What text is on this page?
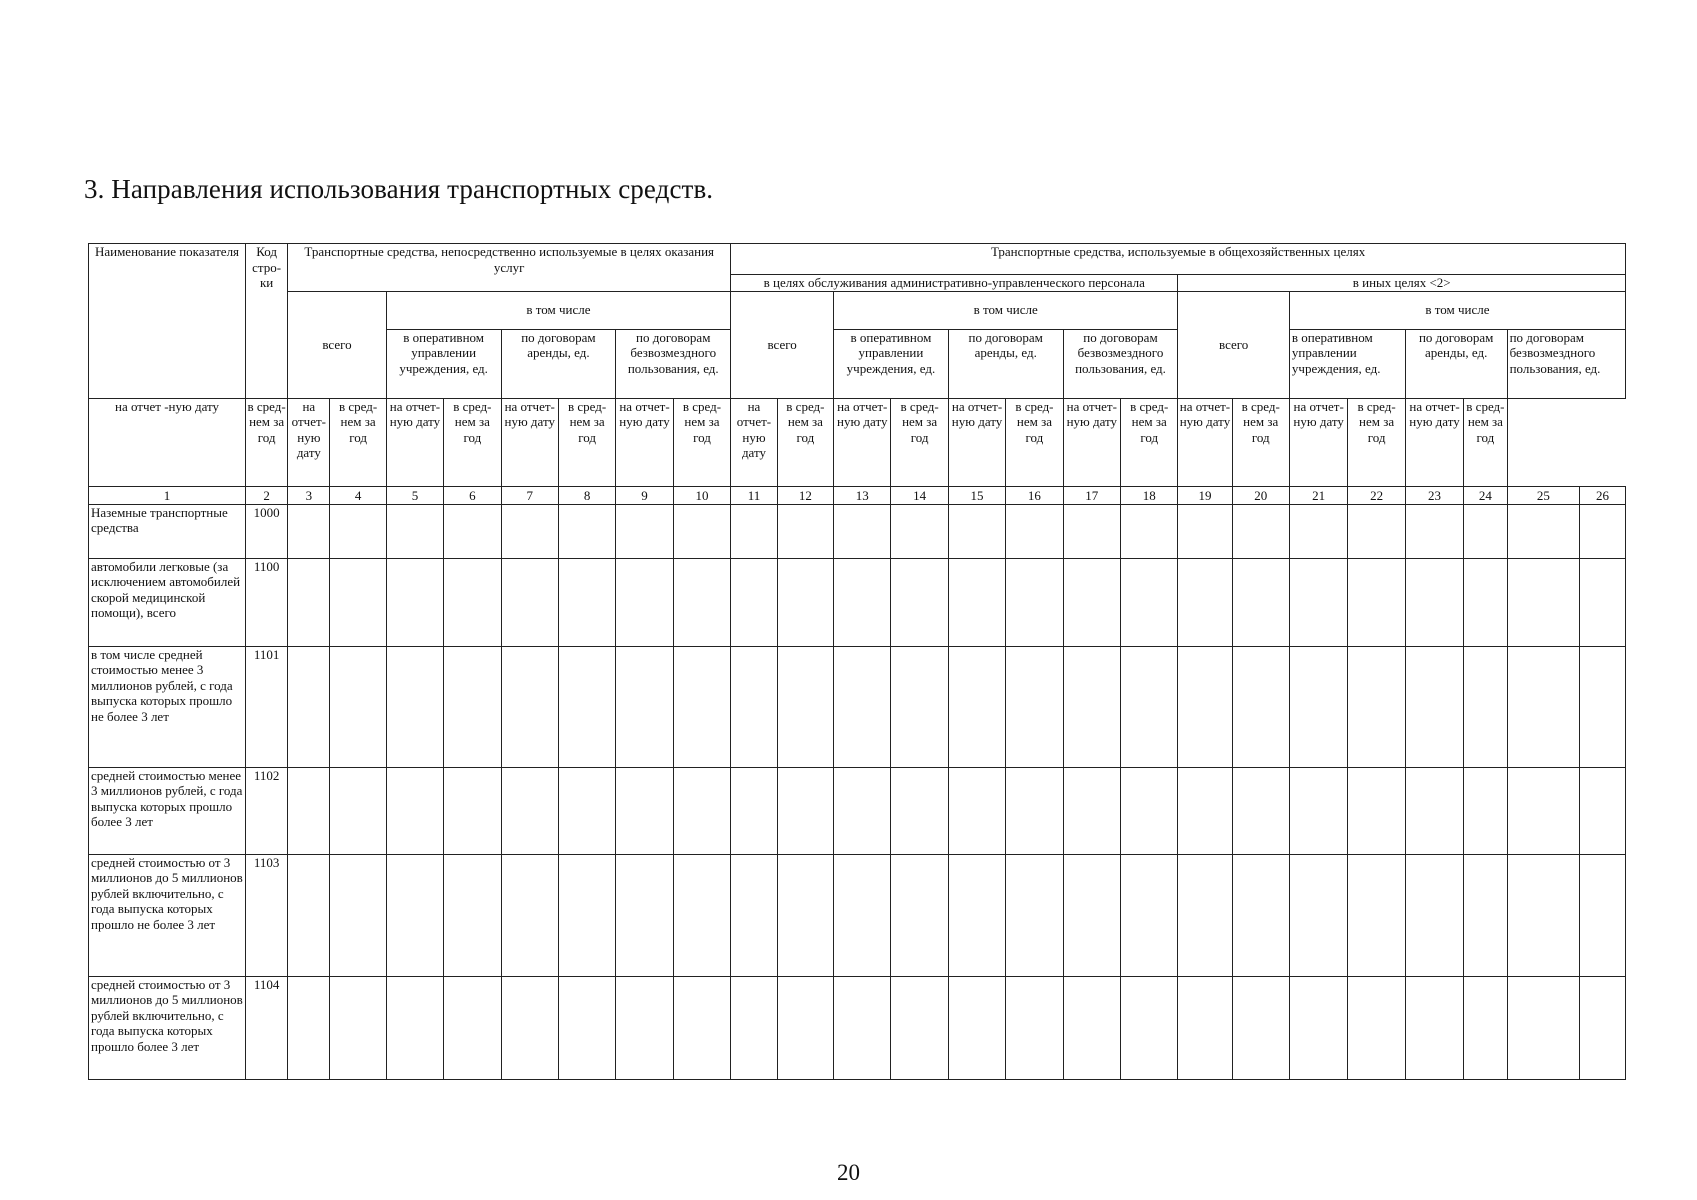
3. Направления использования транспортных средств.
Наименование показателя	Код стро-ки	Транспортные средства, непосредственно используемые в целях оказания услуг								Транспортные средства, используемые в общехозяйственных целях															
										в целях обслуживания административно-управленческого персонала								в иных целях <2>							
		всего		в том числе						всего		в том числе						всего		в том числе					
				в оперативном управлении учреждения, ед.		по договорам аренды, ед.		по договорам безвозмездного пользования, ед.				в оперативном управлении учреждения, ед.		по договорам аренды, ед.		по договорам безвозмездного пользования, ед.				в оперативном управлении учреждения, ед.		по договорам аренды, ед.		по договорам безвозмездного пользования, ед.	
на отчет -ную дату	в сред-нем за год	на отчет-ную дату	в сред-нем за год	на отчет-ную дату	в сред-нем за год	на отчет-ную дату	в сред-нем за год	на отчет-ную дату	в сред-нем за год	на отчет-ную дату	в сред-нем за год	на отчет-ную дату	в сред-нем за год	на отчет-ную дату	в сред-нем за год	на отчет-ную дату	в сред-нем за год	на отчет-ную дату	в сред-нем за год	на отчет-ную дату	в сред-нем за год	на отчет-ную дату	в сред-нем за год		
1	2	3	4	5	6	7	8	9	10	11	12	13	14	15	16	17	18	19	20	21	22	23	24	25	26
Наземные транспортные средства	1000																								
автомобили легковые (за исключением автомобилей скорой медицинской помощи), всего	1100																								
в том числе средней стоимостью менее 3 миллионов рублей, с года выпуска которых прошло не более 3 лет	1101																								
средней стоимостью менее 3 миллионов рублей, с года выпуска которых прошло более 3 лет	1102																								
средней стоимостью от 3 миллионов до 5 миллионов рублей включительно, с года выпуска которых прошло не более 3 лет	1103																								
средней стоимостью от 3 миллионов до 5 миллионов рублей включительно, с года выпуска которых прошло более 3 лет	1104																								
20
